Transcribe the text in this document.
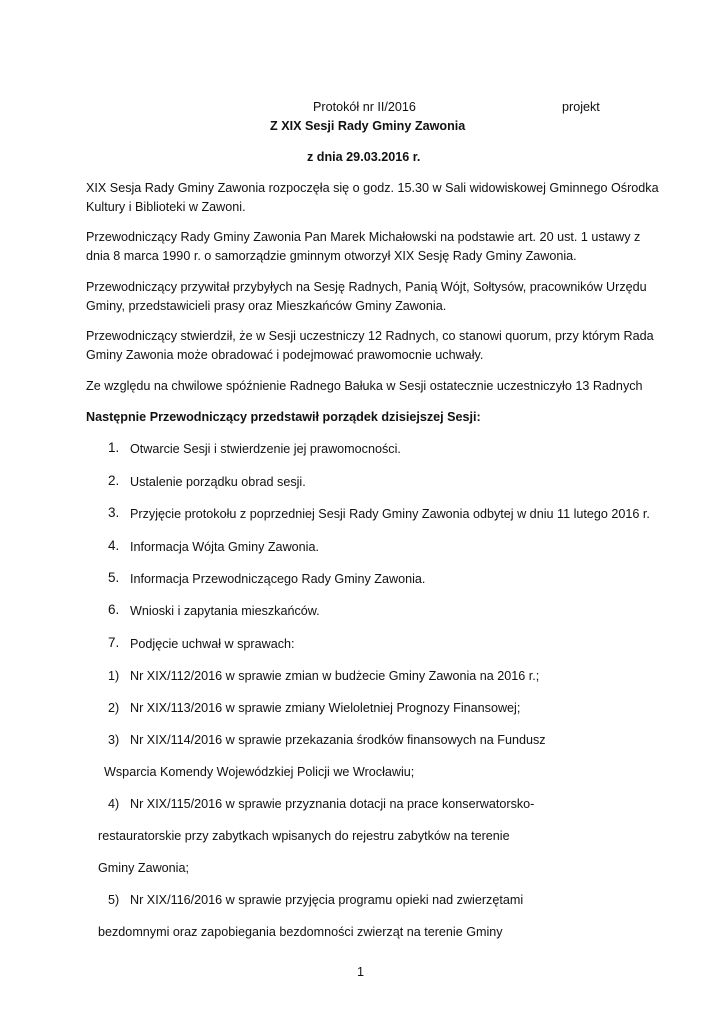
Protokół nr II/2016	projekt
Z XIX Sesji Rady Gminy Zawonia
z dnia 29.03.2016 r.
XIX Sesja Rady Gminy Zawonia rozpoczęła się o godz. 15.30 w Sali widowiskowej Gminnego Ośrodka
Kultury i Biblioteki w Zawoni.
Przewodniczący Rady Gminy Zawonia Pan Marek Michałowski na podstawie art. 20 ust. 1 ustawy z
dnia 8 marca 1990 r. o samorządzie gminnym otworzył XIX Sesję Rady Gminy Zawonia.
Przewodniczący przywitał przybyłych na Sesję Radnych, Panią Wójt, Sołtysów, pracowników Urzędu
Gminy, przedstawicieli prasy oraz Mieszkańców Gminy Zawonia.
Przewodniczący stwierdził, że w Sesji uczestniczy 12 Radnych, co stanowi quorum, przy którym Rada
Gminy Zawonia może obradować i podejmować prawomocnie uchwały.
Ze względu na chwilowe spóźnienie Radnego Bałuka w Sesji ostatecznie uczestniczyło 13 Radnych
Następnie Przewodniczący przedstawił porządek dzisiejszej Sesji:
1. Otwarcie Sesji i stwierdzenie jej prawomocności.
2. Ustalenie porządku obrad sesji.
3. Przyjęcie protokołu z poprzedniej Sesji Rady Gminy Zawonia odbytej w dniu 11 lutego 2016 r.
4. Informacja Wójta Gminy Zawonia.
5. Informacja Przewodniczącego Rady Gminy Zawonia.
6. Wnioski i zapytania mieszkańców.
7. Podjęcie uchwał w sprawach:
1) Nr XIX/112/2016 w sprawie zmian w budżecie Gminy Zawonia na 2016 r.;
2) Nr XIX/113/2016 w sprawie zmiany Wieloletniej Prognozy Finansowej;
3) Nr XIX/114/2016 w sprawie przekazania środków finansowych na Fundusz
Wsparcia Komendy Wojewódzkiej Policji we Wrocławiu;
4) Nr XIX/115/2016 w sprawie przyznania dotacji na prace konserwatorsko-
restauratorskie przy zabytkach wpisanych do rejestru zabytków na terenie
Gminy Zawonia;
5) Nr XIX/116/2016 w sprawie przyjęcia programu opieki nad zwierzętami
bezdomnymi oraz zapobiegania bezdomności zwierząt na terenie Gminy
1
